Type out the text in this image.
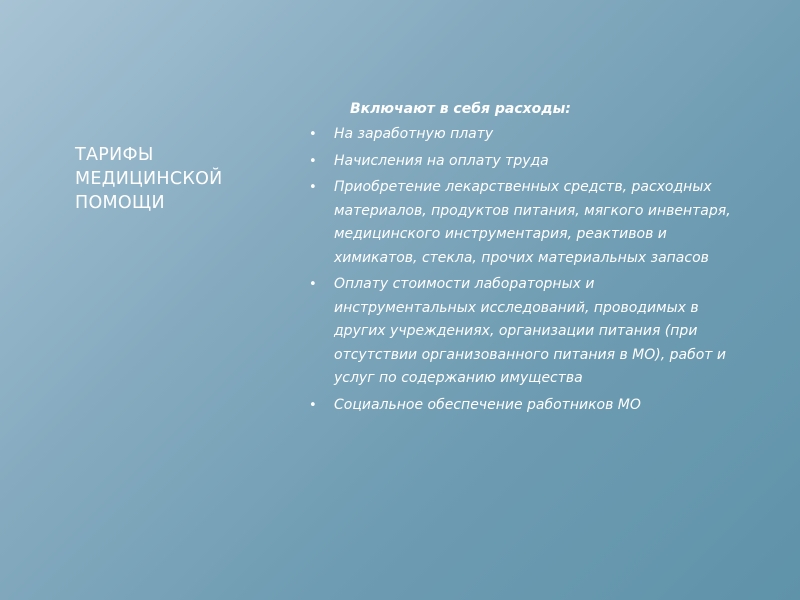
ТАРИФЫ
МЕДИЦИНСКОЙ
ПОМОЩИ

Включают в себя расходы:

• На заработную плату
• Начисления на оплату труда
• Приобретение лекарственных средств, расходных материалов, продуктов питания, мягкого инвентаря, медицинского инструментария, реактивов и химикатов, стекла, прочих материальных запасов
• Оплату стоимости лабораторных и инструментальных исследований, проводимых в других учреждениях, организации питания (при отсутствии организованного питания в МО), работ и услуг по содержанию имущества
• Социальное обеспечение работников МО
